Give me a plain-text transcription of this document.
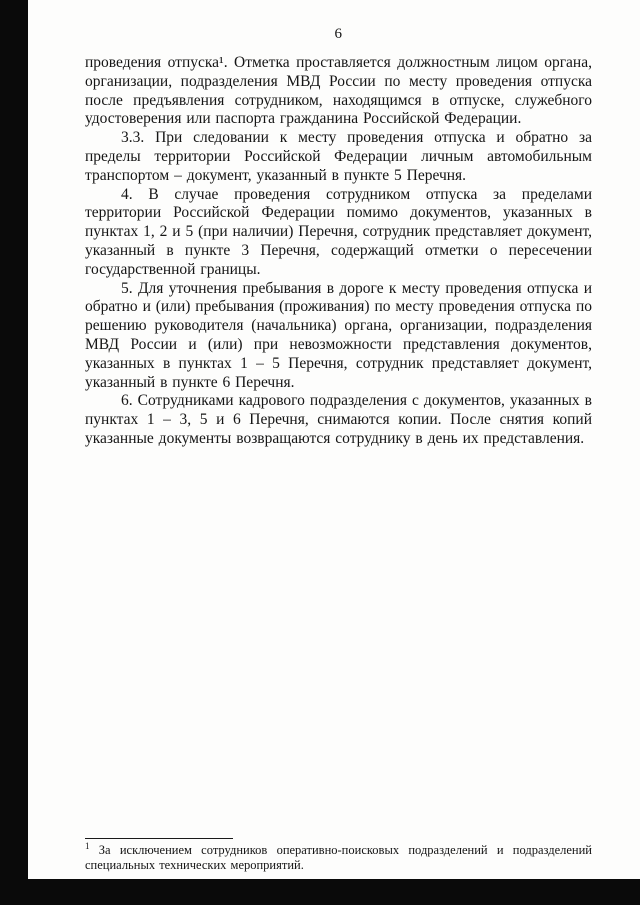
6

проведения отпуска¹. Отметка проставляется должностным лицом органа, организации, подразделения МВД России по месту проведения отпуска после предъявления сотрудником, находящимся в отпуске, служебного удостоверения или паспорта гражданина Российской Федерации.

3.3. При следовании к месту проведения отпуска и обратно за пределы территории Российской Федерации личным автомобильным транспортом – документ, указанный в пункте 5 Перечня.

4. В случае проведения сотрудником отпуска за пределами территории Российской Федерации помимо документов, указанных в пунктах 1, 2 и 5 (при наличии) Перечня, сотрудник представляет документ, указанный в пункте 3 Перечня, содержащий отметки о пересечении государственной границы.

5. Для уточнения пребывания в дороге к месту проведения отпуска и обратно и (или) пребывания (проживания) по месту проведения отпуска по решению руководителя (начальника) органа, организации, подразделения МВД России и (или) при невозможности представления документов, указанных в пунктах 1 – 5 Перечня, сотрудник представляет документ, указанный в пункте 6 Перечня.

6. Сотрудниками кадрового подразделения с документов, указанных в пунктах 1 – 3, 5 и 6 Перечня, снимаются копии. После снятия копий указанные документы возвращаются сотруднику в день их представления.

$^1$ За исключением сотрудников оперативно-поисковых подразделений и подразделений специальных технических мероприятий.
